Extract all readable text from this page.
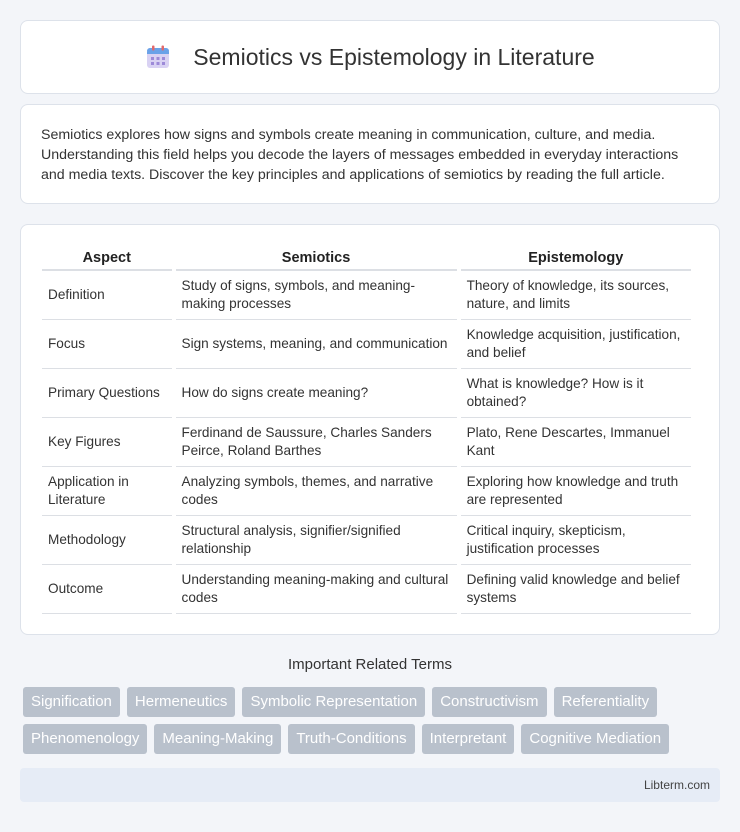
Semiotics vs Epistemology in Literature

Semiotics explores how signs and symbols create meaning in communication, culture, and media. Understanding this field helps you decode the layers of messages embedded in everyday interactions and media texts. Discover the key principles and applications of semiotics by reading the full article.

Aspect	Semiotics	Epistemology
Definition	Study of signs, symbols, and meaning-making processes	Theory of knowledge, its sources, nature, and limits
Focus	Sign systems, meaning, and communication	Knowledge acquisition, justification, and belief
Primary Questions	How do signs create meaning?	What is knowledge? How is it obtained?
Key Figures	Ferdinand de Saussure, Charles Sanders Peirce, Roland Barthes	Plato, Rene Descartes, Immanuel Kant
Application in Literature	Analyzing symbols, themes, and narrative codes	Exploring how knowledge and truth are represented
Methodology	Structural analysis, signifier/signified relationship	Critical inquiry, skepticism, justification processes
Outcome	Understanding meaning-making and cultural codes	Defining valid knowledge and belief systems
Important Related Terms
Signification	Hermeneutics	Symbolic Representation	Constructivism	Referentiality
Phenomenology	Meaning-Making	Truth-Conditions	Interpretant	Cognitive Mediation
Libterm.com
